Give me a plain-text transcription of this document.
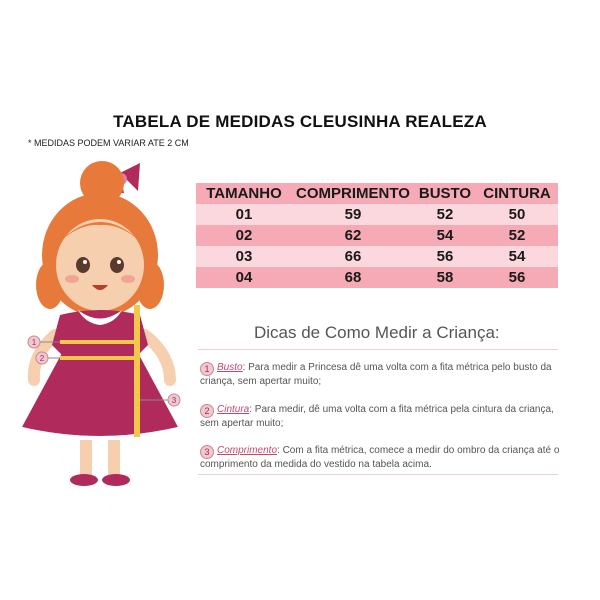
TABELA DE MEDIDAS CLEUSINHA REALEZA
* MEDIDAS PODEM VARIAR ATE 2 CM
1
2
3
TAMANHO	COMPRIMENTO	BUSTO	CINTURA
01	59	52	50
02	62	54	52
03	66	56	54
04	68	58	56
Dicas de Como Medir a Criança:
1 Busto: Para medir a Princesa dê uma volta com a fita métrica pelo busto da criança, sem apertar muito;
2 Cintura: Para medir, dê uma volta com a fita métrica pela cintura da criança, sem apertar muito;
3 Comprimento: Com a fita métrica, comece a medir do ombro da criança até o comprimento da medida do vestido na tabela acima.
